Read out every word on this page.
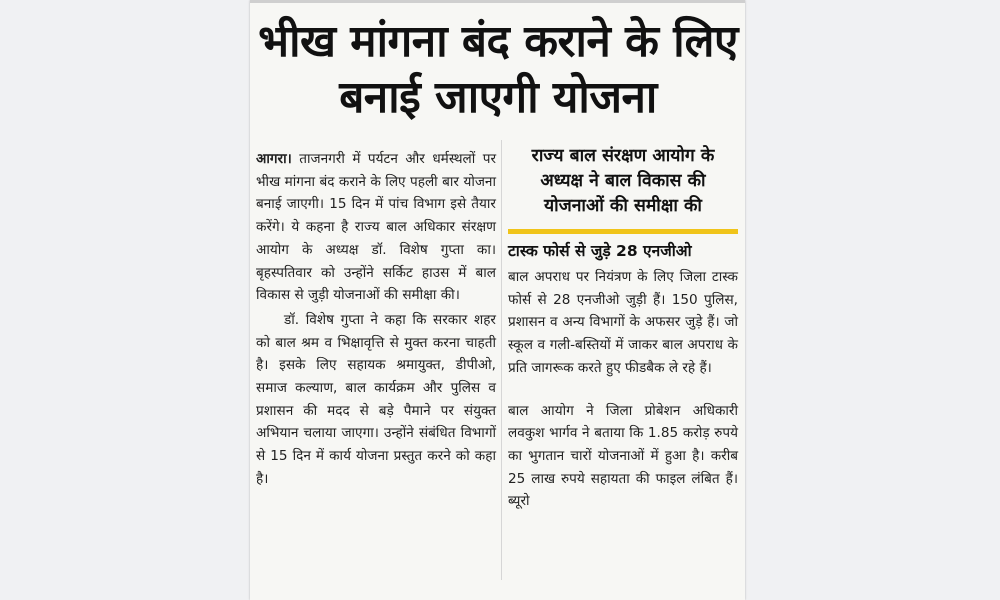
भीख मांगना बंद कराने के लिए बनाई जाएगी योजना

आगरा। ताजनगरी में पर्यटन और धर्मस्थलों पर भीख मांगना बंद कराने के लिए पहली बार योजना बनाई जाएगी। 15 दिन में पांच विभाग इसे तैयार करेंगे। ये कहना है राज्य बाल अधिकार संरक्षण आयोग के अध्यक्ष डॉ. विशेष गुप्ता का। बृहस्पतिवार को उन्होंने सर्किट हाउस में बाल विकास से जुड़ी योजनाओं की समीक्षा की।

डॉ. विशेष गुप्ता ने कहा कि सरकार शहर को बाल श्रम व भिक्षावृत्ति से मुक्त करना चाहती है। इसके लिए सहायक श्रमायुक्त, डीपीओ, समाज कल्याण, बाल कार्यक्रम और पुलिस व प्रशासन की मदद से बड़े पैमाने पर संयुक्त अभियान चलाया जाएगा। उन्होंने संबंधित विभागों से 15 दिन में कार्य योजना प्रस्तुत करने को कहा है।

राज्य बाल संरक्षण आयोग के अध्यक्ष ने बाल विकास की योजनाओं की समीक्षा की
टास्क फोर्स से जुड़े 28 एनजीओ

बाल अपराध पर नियंत्रण के लिए जिला टास्क फोर्स से 28 एनजीओ जुड़ी हैं। 150 पुलिस, प्रशासन व अन्य विभागों के अफसर जुड़े हैं। जो स्कूल व गली-बस्तियों में जाकर बाल अपराध के प्रति जागरूक करते हुए फीडबैक ले रहे हैं।

बाल आयोग ने जिला प्रोबेशन अधिकारी लवकुश भार्गव ने बताया कि 1.85 करोड़ रुपये का भुगतान चारों योजनाओं में हुआ है। करीब 25 लाख रुपये सहायता की फाइल लंबित हैं। ब्यूरो
